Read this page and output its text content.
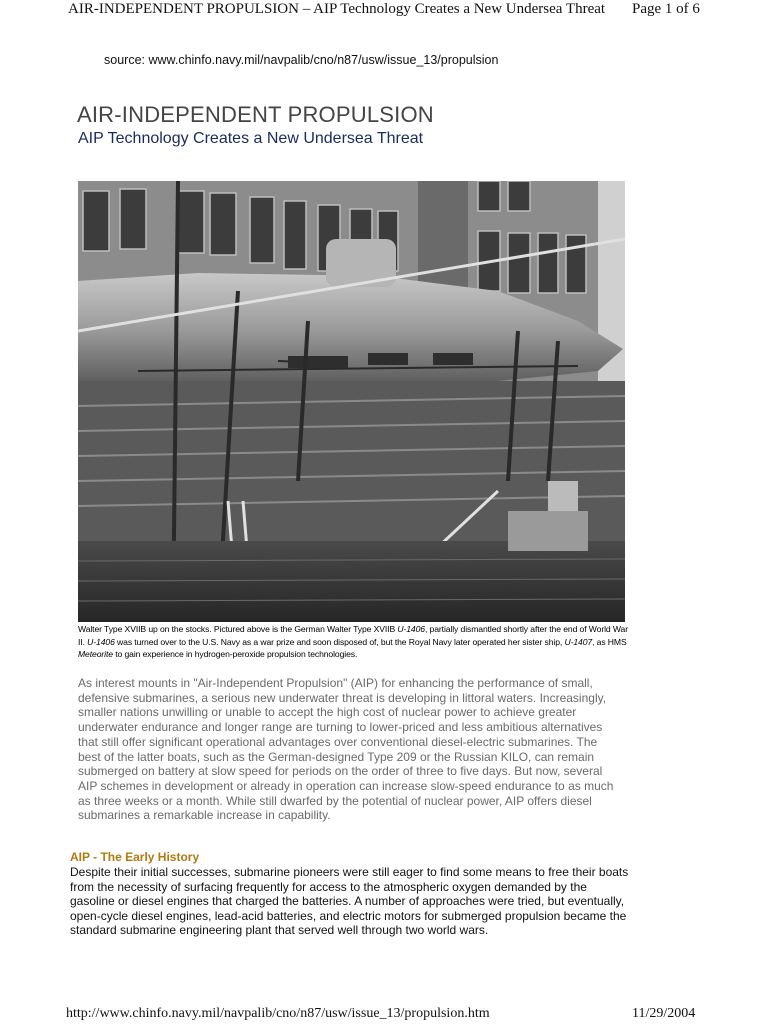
AIR-INDEPENDENT PROPULSION – AIP Technology Creates a New Undersea Threat Page 1 of 6
source: www.chinfo.navy.mil/navpalib/cno/n87/usw/issue_13/propulsion
AIR-INDEPENDENT PROPULSION
AIP Technology Creates a New Undersea Threat

Walter Type XVIIB up on the stocks. Pictured above is the German Walter Type XVIIB U-1406, partially dismantled shortly after the end of World War II. U-1406 was turned over to the U.S. Navy as a war prize and soon disposed of, but the Royal Navy later operated her sister ship, U-1407, as HMS Meteorite to gain experience in hydrogen-peroxide propulsion technologies.

As interest mounts in "Air-Independent Propulsion" (AIP) for enhancing the performance of small, defensive submarines, a serious new underwater threat is developing in littoral waters. Increasingly, smaller nations unwilling or unable to accept the high cost of nuclear power to achieve greater underwater endurance and longer range are turning to lower-priced and less ambitious alternatives that still offer significant operational advantages over conventional diesel-electric submarines. The best of the latter boats, such as the German-designed Type 209 or the Russian KILO, can remain submerged on battery at slow speed for periods on the order of three to five days. But now, several AIP schemes in development or already in operation can increase slow-speed endurance to as much as three weeks or a month. While still dwarfed by the potential of nuclear power, AIP offers diesel submarines a remarkable increase in capability.

AIP - The Early History

Despite their initial successes, submarine pioneers were still eager to find some means to free their boats from the necessity of surfacing frequently for access to the atmospheric oxygen demanded by the gasoline or diesel engines that charged the batteries. A number of approaches were tried, but eventually, open-cycle diesel engines, lead-acid batteries, and electric motors for submerged propulsion became the standard submarine engineering plant that served well through two world wars.

http://www.chinfo.navy.mil/navpalib/cno/n87/usw/issue_13/propulsion.htm	11/29/2004
